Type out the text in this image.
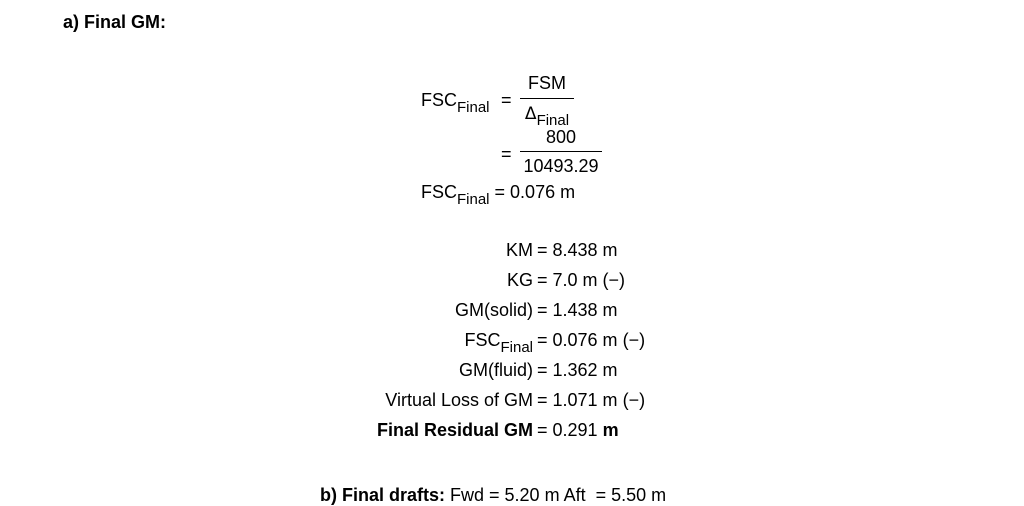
a) Final GM:
$FSC_{Final}$ =
FSM
$\Delta_{Final}$
=
800
10493.29
$FSC_{Final} = 0.076$ m
KM = 8.438 m
KG = 7.0 m (−)
GM(solid) = 1.438 m
$FSC_{Final} = 0.076$ m (−)
GM(fluid) = 1.362 m
Virtual Loss of GM = 1.071 m (−)
Final Residual GM = 0.291 m
b) Final drafts: Fwd = 5.20 m Aft = 5.50 m
